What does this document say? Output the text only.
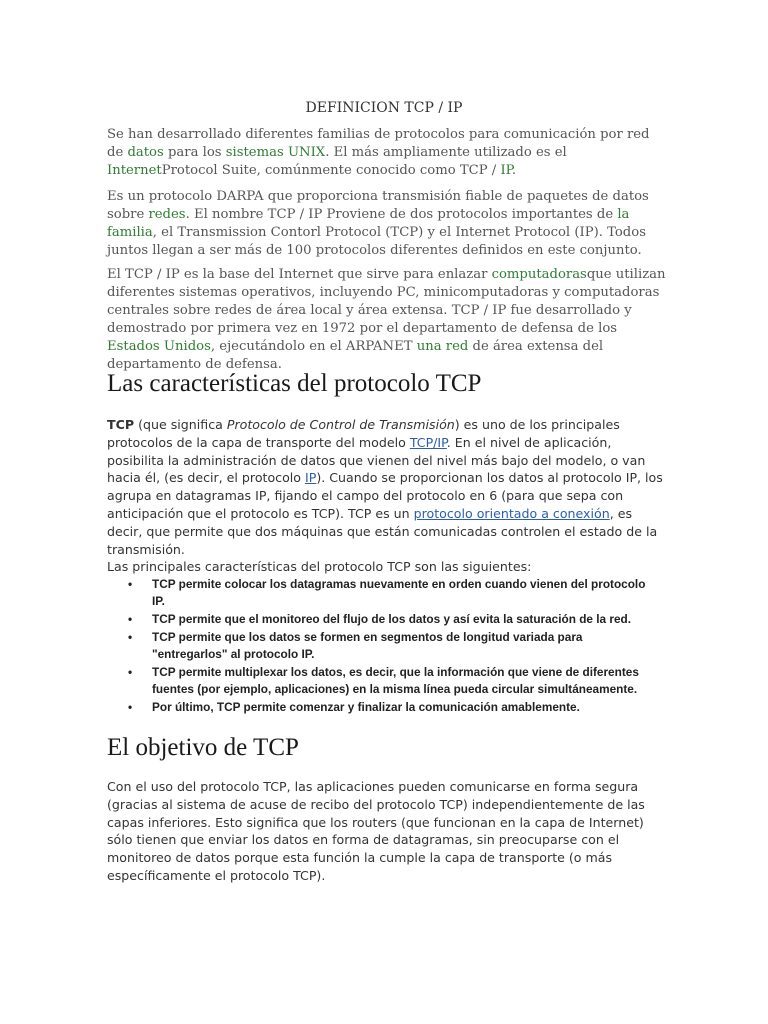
DEFINICION TCP / IP
Se han desarrollado diferentes familias de protocolos para comunicación por red de datos para los sistemas UNIX. El más ampliamente utilizado es el InternetProtocol Suite, comúnmente conocido como TCP / IP.
Es un protocolo DARPA que proporciona transmisión fiable de paquetes de datos sobre redes. El nombre TCP / IP Proviene de dos protocolos importantes de la familia, el Transmission Contorl Protocol (TCP) y el Internet Protocol (IP). Todos juntos llegan a ser más de 100 protocolos diferentes definidos en este conjunto.
El TCP / IP es la base del Internet que sirve para enlazar computadorasque utilizan diferentes sistemas operativos, incluyendo PC, minicomputadoras y computadoras centrales sobre redes de área local y área extensa. TCP / IP fue desarrollado y demostrado por primera vez en 1972 por el departamento de defensa de los Estados Unidos, ejecutándolo en el ARPANET una red de área extensa del departamento de defensa.
Las características del protocolo TCP
TCP (que significa Protocolo de Control de Transmisión) es uno de los principales protocolos de la capa de transporte del modelo TCP/IP. En el nivel de aplicación, posibilita la administración de datos que vienen del nivel más bajo del modelo, o van hacia él, (es decir, el protocolo IP). Cuando se proporcionan los datos al protocolo IP, los agrupa en datagramas IP, fijando el campo del protocolo en 6 (para que sepa con anticipación que el protocolo es TCP). TCP es un protocolo orientado a conexión, es decir, que permite que dos máquinas que están comunicadas controlen el estado de la transmisión.
Las principales características del protocolo TCP son las siguientes:
• TCP permite colocar los datagramas nuevamente en orden cuando vienen del protocolo IP.
• TCP permite que el monitoreo del flujo de los datos y así evita la saturación de la red.
• TCP permite que los datos se formen en segmentos de longitud variada para "entregarlos" al protocolo IP.
• TCP permite multiplexar los datos, es decir, que la información que viene de diferentes fuentes (por ejemplo, aplicaciones) en la misma línea pueda circular simultáneamente.
• Por último, TCP permite comenzar y finalizar la comunicación amablemente.
El objetivo de TCP
Con el uso del protocolo TCP, las aplicaciones pueden comunicarse en forma segura (gracias al sistema de acuse de recibo del protocolo TCP) independientemente de las capas inferiores. Esto significa que los routers (que funcionan en la capa de Internet) sólo tienen que enviar los datos en forma de datagramas, sin preocuparse con el monitoreo de datos porque esta función la cumple la capa de transporte (o más específicamente el protocolo TCP).
